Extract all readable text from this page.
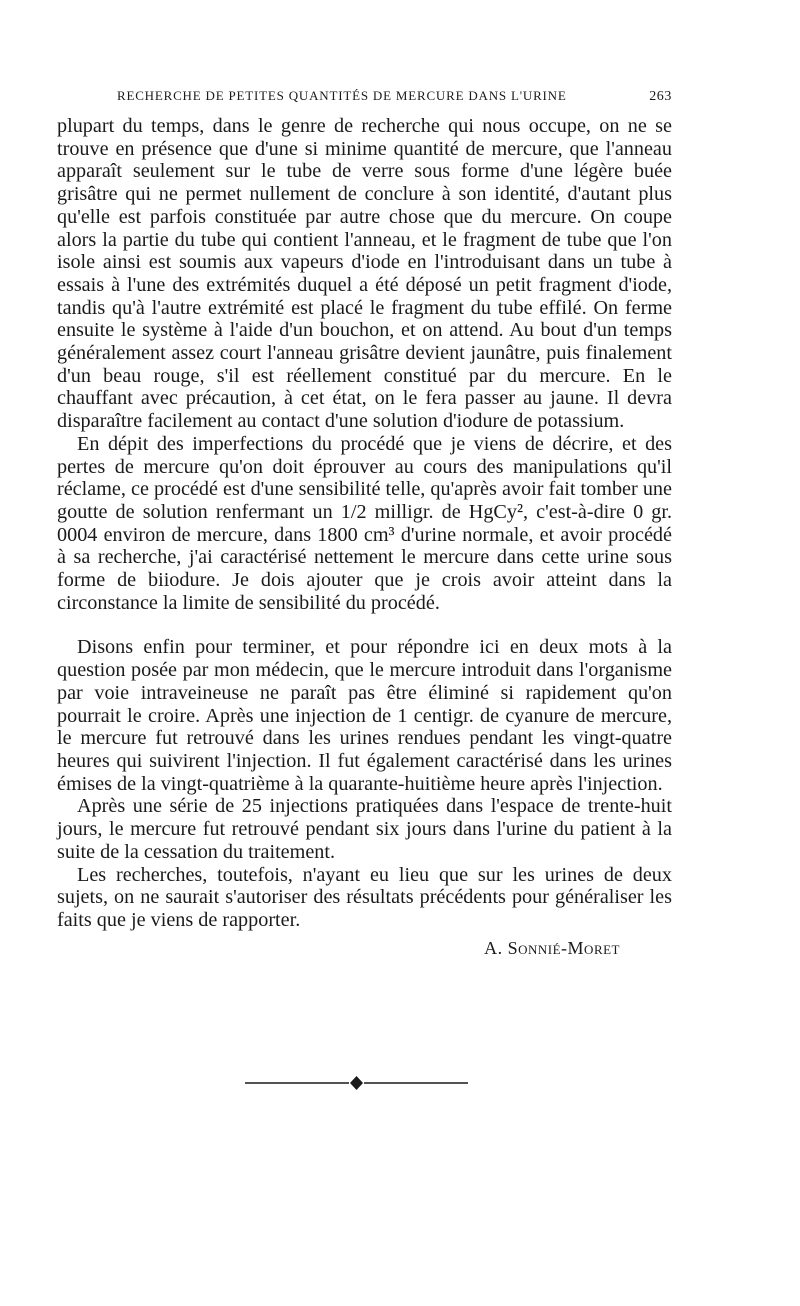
RECHERCHE DE PETITES QUANTITÉS DE MERCURE DANS L'URINE	263

plupart du temps, dans le genre de recherche qui nous occupe, on ne se trouve en présence que d'une si minime quantité de mercure, que l'anneau apparaît seulement sur le tube de verre sous forme d'une légère buée grisâtre qui ne permet nullement de conclure à son identité, d'autant plus qu'elle est parfois constituée par autre chose que du mercure. On coupe alors la partie du tube qui contient l'anneau, et le fragment de tube que l'on isole ainsi est soumis aux vapeurs d'iode en l'introduisant dans un tube à essais à l'une des extrémités duquel a été déposé un petit fragment d'iode, tandis qu'à l'autre extrémité est placé le fragment du tube effilé. On ferme ensuite le système à l'aide d'un bouchon, et on attend. Au bout d'un temps généralement assez court l'anneau grisâtre devient jaunâtre, puis finalement d'un beau rouge, s'il est réellement constitué par du mercure. En le chauffant avec précaution, à cet état, on le fera passer au jaune. Il devra disparaître facilement au contact d'une solution d'iodure de potassium.

En dépit des imperfections du procédé que je viens de décrire, et des pertes de mercure qu'on doit éprouver au cours des manipulations qu'il réclame, ce procédé est d'une sensibilité telle, qu'après avoir fait tomber une goutte de solution renfermant un 1/2 milligr. de HgCy², c'est-à-dire 0 gr. 0004 environ de mercure, dans 1800 cm³ d'urine normale, et avoir procédé à sa recherche, j'ai caractérisé nettement le mercure dans cette urine sous forme de biiodure. Je dois ajouter que je crois avoir atteint dans la circonstance la limite de sensibilité du procédé.

Disons enfin pour terminer, et pour répondre ici en deux mots à la question posée par mon médecin, que le mercure introduit dans l'organisme par voie intraveineuse ne paraît pas être éliminé si rapidement qu'on pourrait le croire. Après une injection de 1 centigr. de cyanure de mercure, le mercure fut retrouvé dans les urines rendues pendant les vingt-quatre heures qui suivirent l'injection. Il fut également caractérisé dans les urines émises de la vingt-quatrième à la quarante-huitième heure après l'injection.

Après une série de 25 injections pratiquées dans l'espace de trente-huit jours, le mercure fut retrouvé pendant six jours dans l'urine du patient à la suite de la cessation du traitement.

Les recherches, toutefois, n'ayant eu lieu que sur les urines de deux sujets, on ne saurait s'autoriser des résultats précédents pour généraliser les faits que je viens de rapporter.

A. Sonnié-Moret
